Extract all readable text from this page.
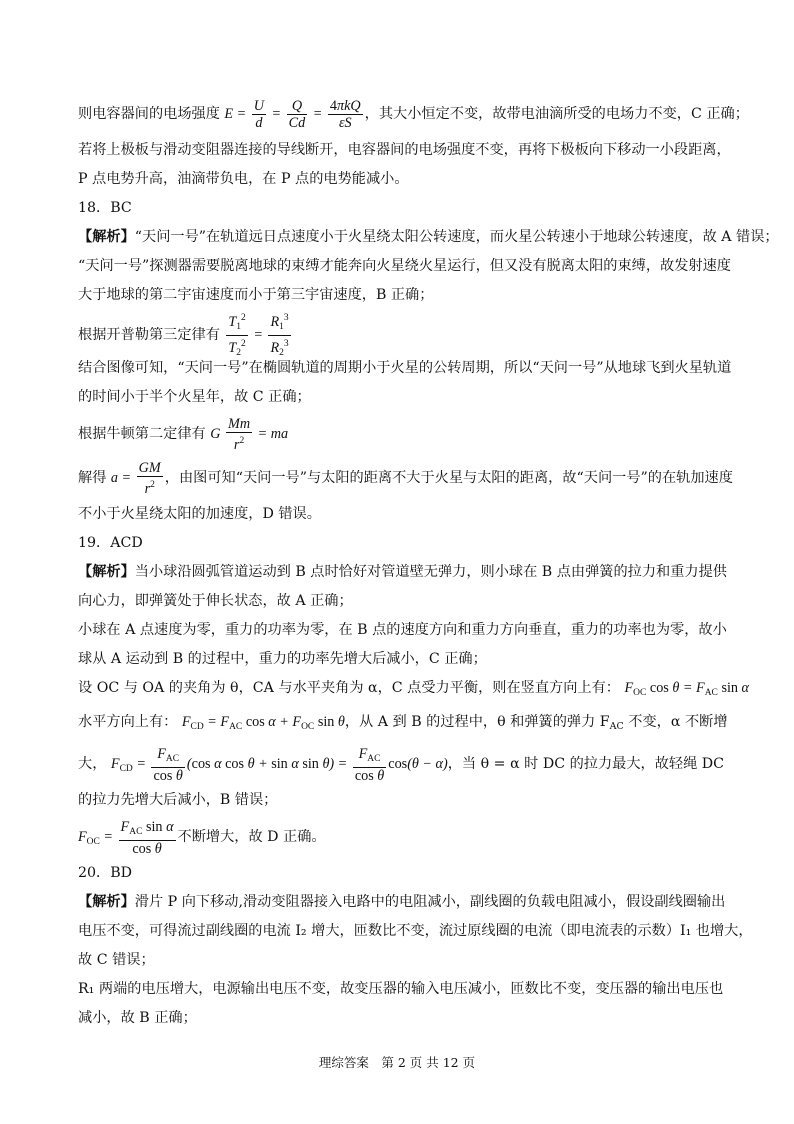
则电容器间的电场强度 $E = \frac{U}{d} = \frac{Q}{Cd} = \frac{\text{4πkQ}}{\varepsilon S}$ ，其大小恒定不变，故带电油滴所受的电场力不变，C 正确；
若将上极板与滑动变阻器连接的导线断开，电容器间的电场强度不变，再将下极板向下移动一小段距离，
P 点电势升高，油滴带负电，在 P 点的电势能减小。
18．BC
【解析】“天问一号”在轨道远日点速度小于火星绕太阳公转速度，而火星公转速小于地球公转速度，故 A 错误；
“天问一号”探测器需要脱离地球的束缚才能奔向火星绕火星运行，但又没有脱离太阳的束缚，故发射速度
大于地球的第二宇宙速度而小于第三宇宙速度，B 正确；
根据开普勒第三定律有 $\frac{T_1^2}{T_2^2} = \frac{R_1^3}{R_2^3}$
结合图像可知，“天问一号”在椭圆轨道的周期小于火星的公转周期，所以“天问一号”从地球飞到火星轨道
的时间小于半个火星年，故 C 正确；
根据牛顿第二定律有 G $\frac{Mm}{r^2}$ = ma
解得 $a = \frac{GM}{r^2}$ ，由图可知“天问一号”与太阳的距离不大于火星与太阳的距离，故“天问一号”的在轨加速度
不小于火星绕太阳的加速度，D 错误。
19．ACD
【解析】当小球沿圆弧管道运动到 B 点时恰好对管道壁无弹力，则小球在 B 点由弹簧的拉力和重力提供
向心力，即弹簧处于伸长状态，故 A 正确；
小球在 A 点速度为零，重力的功率为零，在 B 点的速度方向和重力方向垂直，重力的功率也为零，故小
球从 A 运动到 B 的过程中，重力的功率先增大后减小，C 正确；
设 OC 与 OA 的夹角为 θ，CA 与水平夹角为 α，C 点受力平衡，则在竖直方向上有： $F_{OC}$ $\cos \theta = F_{AC}$ sin α
水平方向上有： $F_{CD} = F_{AC}$ $\cos \alpha + F_{OC}$ sin θ，从 A 到 B 的过程中，θ 和弹簧的弹力 $F_{AC}$ 不变，α 不断增
大， $F_{CD} = \frac{F_{AC}}{\text{cos θ}} (\cos$ α cos θ + sin α $\sin \theta) = \frac{F_{AC}}{\text{cos θ}} \cos(\theta - \alpha)$，当 θ = α 时 DC 的拉力最大，故轻绳 DC
的拉力先增大后减小，B 错误；
$F_{OC} = \frac{F_{AC} \sin \alpha}{\text{cos θ}}$ 不断增大，故 D 正确。
20．BD
【解析】滑片 P 向下移动,滑动变阻器接入电路中的电阻减小，副线圈的负载电阻减小，假设副线圈输出
电压不变，可得流过副线圈的电流 I₂ 增大，匝数比不变，流过原线圈的电流（即电流表的示数）I₁ 也增大，
故 C 错误；
R₁ 两端的电压增大，电源输出电压不变，故变压器的输入电压减小，匝数比不变，变压器的输出电压也
减小，故 B 正确；
理综答案　第 2 页 共 12 页
